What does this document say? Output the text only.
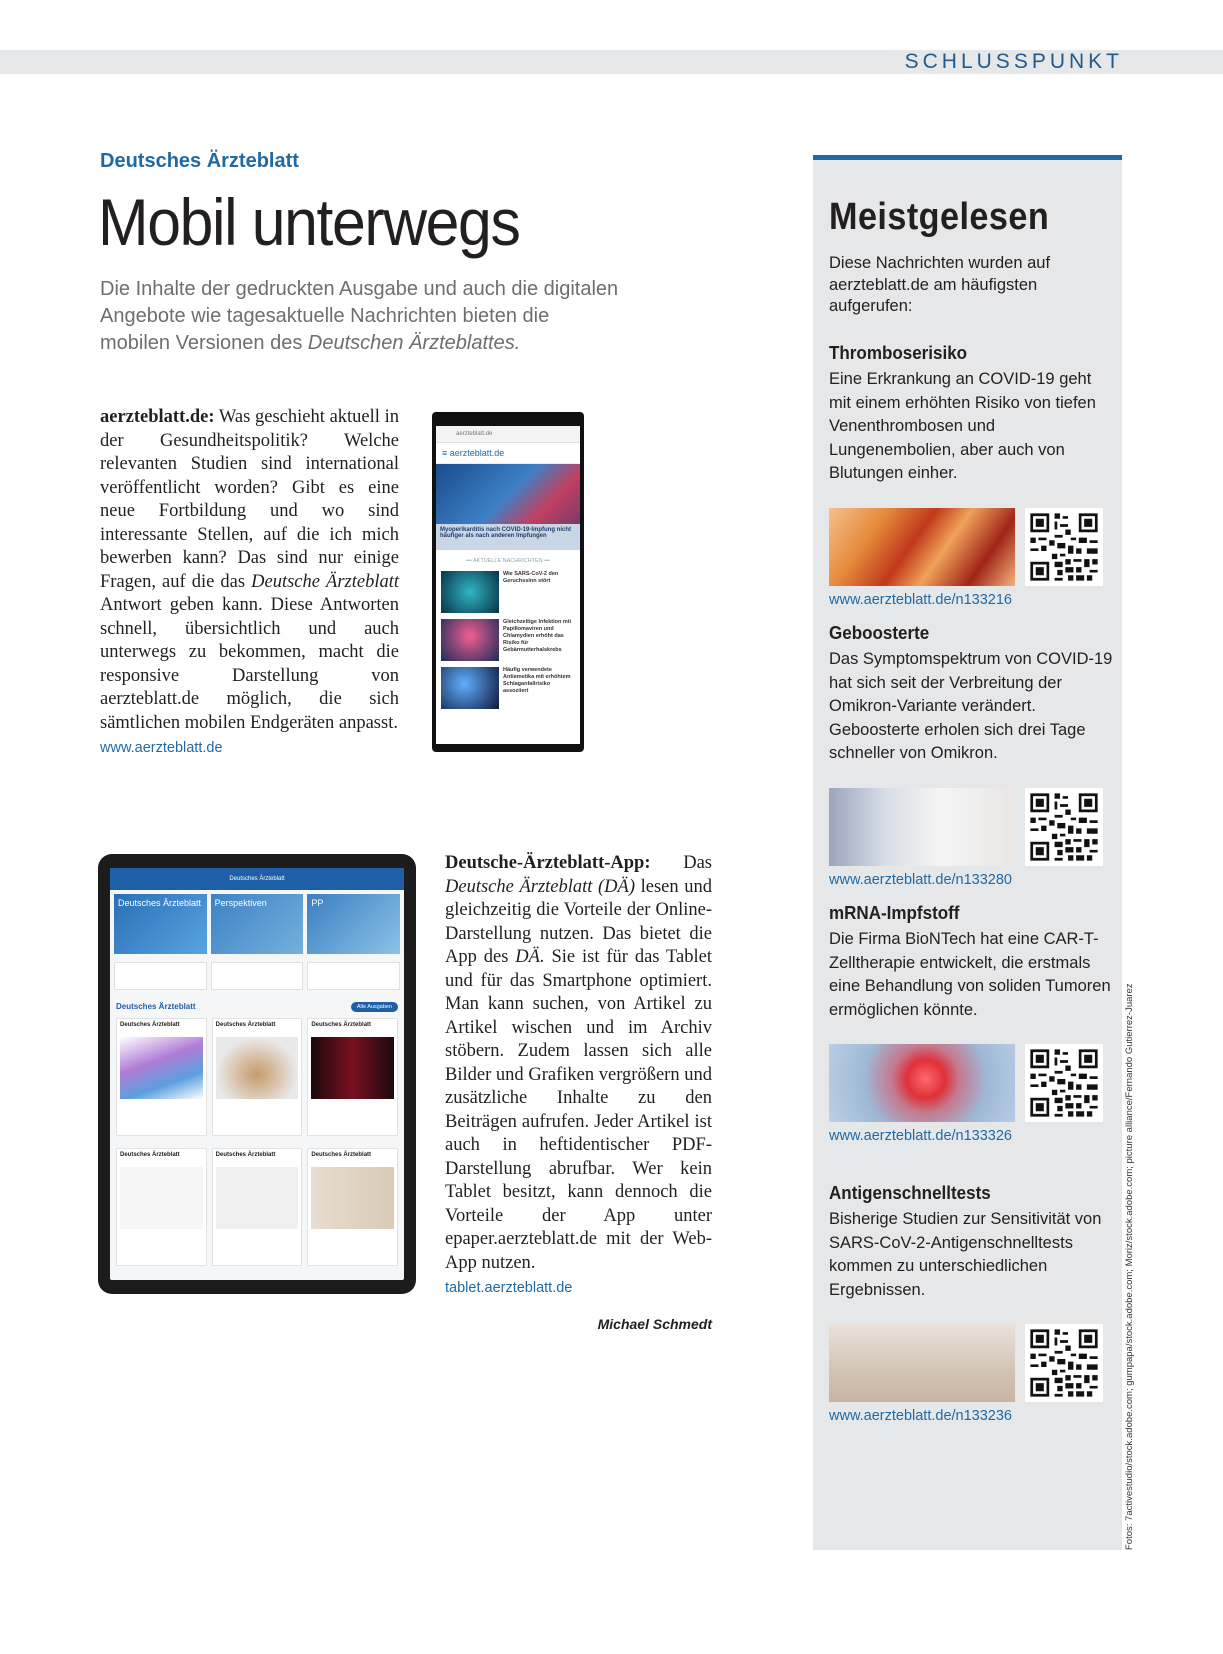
SCHLUSSPUNKT
Deutsches Ärzteblatt
Mobil unterwegs
Die Inhalte der gedruckten Ausgabe und auch die digitalen Angebote wie tagesaktuelle Nachrichten bieten die mobilen Versionen des Deutschen Ärzteblattes.
aerzteblatt.de: Was geschieht aktuell in der Gesundheitspolitik? Welche relevanten Studien sind international veröffentlicht worden? Gibt es eine neue Fortbildung und wo sind interessante Stellen, auf die ich mich bewerben kann? Das sind nur einige Fragen, auf die das Deutsche Ärzteblatt Antwort geben kann. Diese Antworten schnell, übersichtlich und auch unterwegs zu bekommen, macht die responsive Darstellung von aerzteblatt.de möglich, die sich sämtlichen mobilen Endgeräten anpasst.
www.aerzteblatt.de
aerzteblatt.de
≡ aerzteblatt.de
Myoperikarditis nach COVID-19-Impfung nicht häufiger als nach anderen Impfungen
••• AKTUELLE NACHRICHTEN •••
Wie SARS-CoV-2 den Geruchssinn stört
Gleichzeitige Infektion mit Papillomaviren und Chlamydien erhöht das Risiko für Gebärmutterhalskrebs
Häufig verwendete Antiemetika mit erhöhtem Schlaganfallrisiko assoziiert
Deutsches Ärzteblatt
Deutsches Ärzteblatt	Perspektiven	PP
Deutsches Ärzteblatt	Alle Ausgaben
Deutsches Ärzteblatt	Deutsches Ärzteblatt	Deutsches Ärzteblatt
Deutsches Ärzteblatt	Deutsches Ärzteblatt	Deutsches Ärzteblatt
Deutsche-Ärzteblatt-App: Das Deutsche Ärzteblatt (DÄ) lesen und gleichzeitig die Vorteile der Online-Darstellung nutzen. Das bietet die App des DÄ. Sie ist für das Tablet und für das Smartphone optimiert. Man kann suchen, von Artikel zu Artikel wischen und im Archiv stöbern. Zudem lassen sich alle Bilder und Grafiken vergrößern und zusätzliche Inhalte zu den Beiträgen aufrufen. Jeder Artikel ist auch in heftidentischer PDF-Darstellung abrufbar. Wer kein Tablet besitzt, kann dennoch die Vorteile der App unter epaper.aerzteblatt.de mit der Web-App nutzen.
tablet.aerzteblatt.de
Michael Schmedt
Meistgelesen
Diese Nachrichten wurden auf aerzteblatt.de am häufigsten aufgerufen:
Thromboserisiko
Eine Erkrankung an COVID-19 geht mit einem erhöhten Risiko von tiefen Venenthrombosen und Lungenembolien, aber auch von Blutungen einher.
www.aerzteblatt.de/n133216
Geboosterte
Das Symptomspektrum von COVID-19 hat sich seit der Verbreitung der Omikron-Variante verändert. Geboosterte erholen sich drei Tage schneller von Omikron.
www.aerzteblatt.de/n133280
mRNA-Impfstoff
Die Firma BioNTech hat eine CAR-T-Zelltherapie entwickelt, die erstmals eine Behandlung von soliden Tumoren ermöglichen könnte.
www.aerzteblatt.de/n133326
Antigenschnelltests
Bisherige Studien zur Sensitivität von SARS-CoV-2-Antigenschnelltests kommen zu unterschiedlichen Ergebnissen.
www.aerzteblatt.de/n133236	Fotos: 7activestudio/stock.adobe.com; gumpapa/stock.adobe.com; Moriz/stock.adobe.com; picture alliance/Fernando Gutierrez-Juarez
